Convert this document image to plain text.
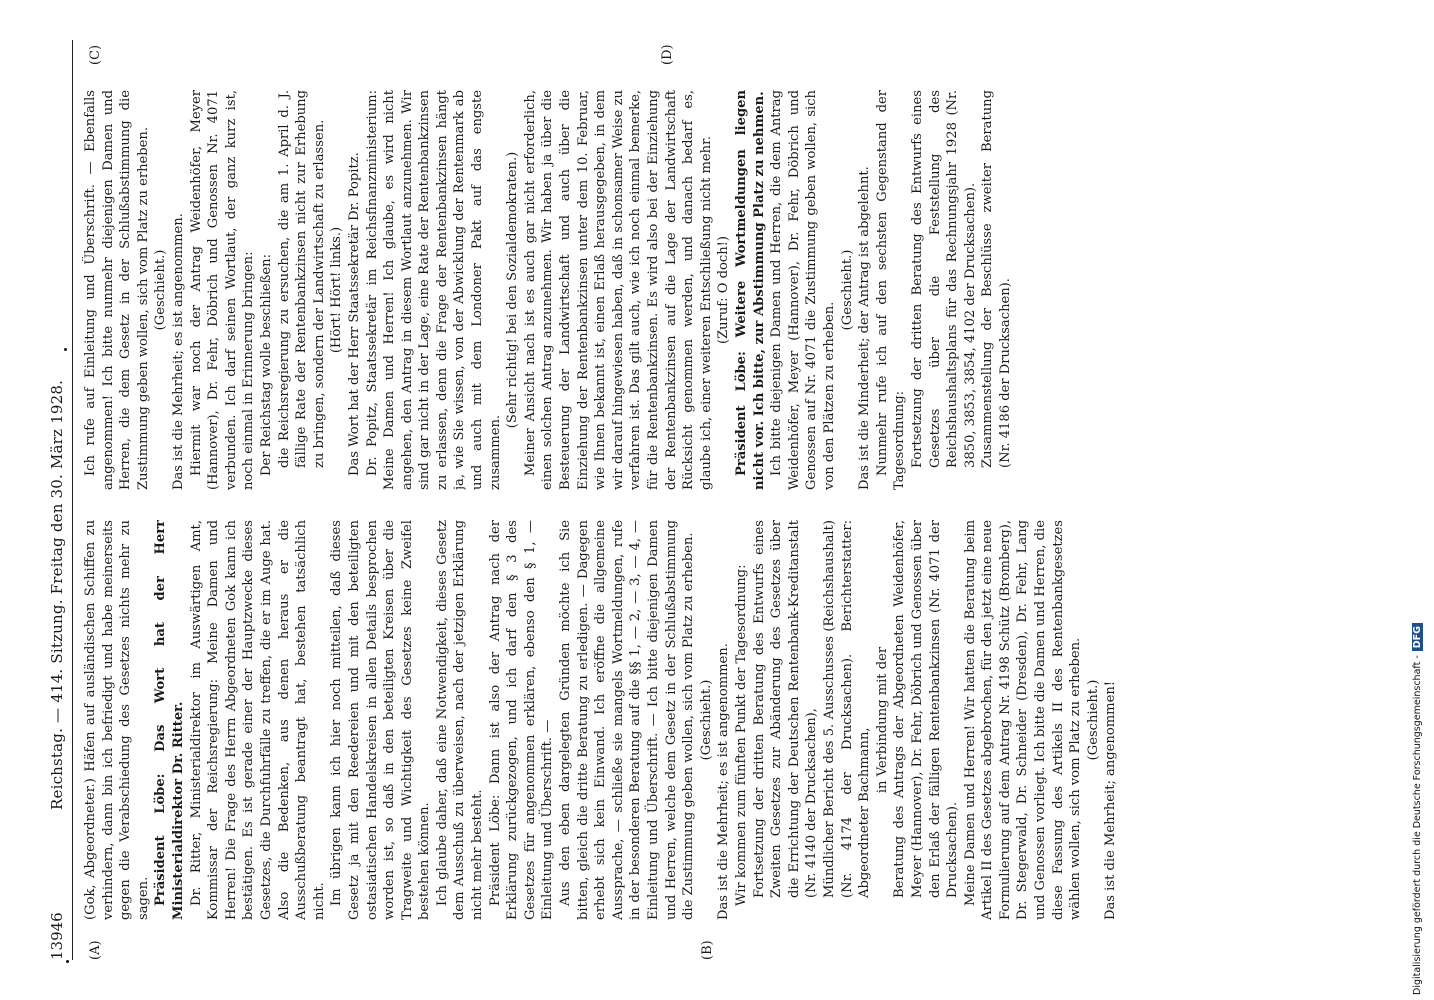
13946
Reichstag. — 414. Sitzung. Freitag den 30. März 1928.
(A)	(B)
(C)	(D)

(Gok, Abgeordneter.) Häfen auf ausländischen Schiffen zu verhindern, dann bin ich befriedigt und habe meinerseits gegen die Verabschiedung des Gesetzes nichts mehr zu sagen. Präsident Löbe: Das Wort hat der Herr Ministerialdirektor Dr. Ritter. Dr. Ritter, Ministerialdirektor im Auswärtigen Amt, Kommissar der Reichsregierung: Meine Damen und Herren! Die Frage des Herrn Abgeordneten Gok kann ich bestätigen. Es ist gerade einer der Hauptzwecke dieses Gesetzes, die Durchfuhrfälle zu treffen, die er im Auge hat. Also die Bedenken, aus denen heraus er die Ausschußberatung beantragt hat, bestehen tatsächlich nicht. Im übrigen kann ich hier noch mitteilen, daß dieses Gesetz ja mit den Reedereien und mit den beteiligten ostasiatischen Handelskreisen in allen Details besprochen worden ist, so daß in den beteiligten Kreisen über die Tragweite und Wichtigkeit des Gesetzes keine Zweifel bestehen können. Ich glaube daher, daß eine Notwendigkeit, dieses Gesetz dem Ausschuß zu überweisen, nach der jetzigen Erklärung nicht mehr besteht. Präsident Löbe: Dann ist also der Antrag nach der Erklärung zurückgezogen, und ich darf den § 3 des Gesetzes für angenommen erklären, ebenso den § 1, — Einleitung und Überschrift. — Aus den eben dargelegten Gründen möchte ich Sie bitten, gleich die dritte Beratung zu erledigen. — Dagegen erhebt sich kein Einwand. Ich eröffne die allgemeine Aussprache, — schließe sie mangels Wortmeldungen, rufe in der besonderen Beratung auf die §§ 1, — 2, — 3, — 4, — Einleitung und Überschrift. — Ich bitte diejenigen Damen und Herren, welche dem Gesetz in der Schlußabstimmung die Zustimmung geben wollen, sich vom Platz zu erheben. (Geschieht.) Das ist die Mehrheit; es ist angenommen. Wir kommen zum fünften Punkt der Tagesordnung: Fortsetzung der dritten Beratung des Entwurfs eines Zweiten Gesetzes zur Abänderung des Gesetzes über die Errichtung der Deutschen Rentenbank-Kreditanstalt (Nr. 4140 der Drucksachen), Mündlicher Bericht des 5. Ausschusses (Reichshaushalt) (Nr. 4174 der Drucksachen). Berichterstatter: Abgeordneter Bachmann,

in Verbindung mit der Beratung des Antrags der Abgeordneten Weidenhöfer, Meyer (Hannover), Dr. Fehr, Döbrich und Genossen über den Erlaß der fälligen Rentenbankzinsen (Nr. 4071 der Drucksachen). Meine Damen und Herren! Wir hatten die Beratung beim Artikel II des Gesetzes abgebrochen, für den jetzt eine neue Formulierung auf dem Antrag Nr. 4198 Schütz (Bromberg), Dr. Stegerwald, Dr. Schneider (Dresden), Dr. Fehr, Lang und Genossen vorliegt. Ich bitte die Damen und Herren, die diese Fassung des Artikels II des Rentenbankgesetzes wählen wollen, sich vom Platz zu erheben. (Geschieht.) Das ist die Mehrheit; angenommen!

Ich rufe auf Einleitung und Überschrift. — Ebenfalls angenommen! Ich bitte nunmehr diejenigen Damen und Herren, die dem Gesetz in der Schlußabstimmung die Zustimmung geben wollen, sich vom Platz zu erheben. (Geschieht.) Das ist die Mehrheit; es ist angenommen. Hiermit war noch der Antrag Weidenhöfer, Meyer (Hannover), Dr. Fehr, Döbrich und Genossen Nr. 4071 verbunden. Ich darf seinen Wortlaut, der ganz kurz ist, noch einmal in Erinnerung bringen: Der Reichstag wolle beschließen: die Reichsregierung zu ersuchen, die am 1. April d. J. fällige Rate der Rentenbankzinsen nicht zur Erhebung zu bringen, sondern der Landwirtschaft zu erlassen. (Hört! Hört! links.) Das Wort hat der Herr Staatssekretär Dr. Popitz. Dr. Popitz, Staatssekretär im Reichsfinanzministerium: Meine Damen und Herren! Ich glaube, es wird nicht angehen, den Antrag in diesem Wortlaut anzunehmen. Wir sind gar nicht in der Lage, eine Rate der Rentenbankzinsen zu erlassen, denn die Frage der Rentenbankzinsen hängt ja, wie Sie wissen, von der Abwicklung der Rentenmark ab und auch mit dem Londoner Pakt auf das engste zusammen.

(Sehr richtig! bei den Sozialdemokraten.) Meiner Ansicht nach ist es auch gar nicht erforderlich, einen solchen Antrag anzunehmen. Wir haben ja über die Besteuerung der Landwirtschaft und auch über die Einziehung der Rentenbankzinsen unter dem 10. Februar, wie Ihnen bekannt ist, einen Erlaß herausgegeben, in dem wir darauf hingewiesen haben, daß in schonsamer Weise zu verfahren ist. Das gilt auch, wie ich noch einmal bemerke, für die Rentenbankzinsen. Es wird also bei der Einziehung der Rentenbankzinsen auf die Lage der Landwirtschaft Rücksicht genommen werden, und danach bedarf es, glaube ich, einer weiteren Entschließung nicht mehr. (Zuruf: O doch!) Präsident Löbe: Weitere Wortmeldungen liegen nicht vor. Ich bitte, zur Abstimmung Platz zu nehmen. Ich bitte diejenigen Damen und Herren, die dem Antrag Weidenhöfer, Meyer (Hannover), Dr. Fehr, Döbrich und Genossen auf Nr. 4071 die Zustimmung geben wollen, sich von den Plätzen zu erheben.

(Geschieht.) Das ist die Minderheit; der Antrag ist abgelehnt. Nunmehr rufe ich auf den sechsten Gegenstand der Tagesordnung: Fortsetzung der dritten Beratung des Entwurfs eines Gesetzes über die Feststellung des Reichshaushaltsplans für das Rechnungsjahr 1928 (Nr. 3850, 3853, 3854, 4102 der Drucksachen). Zusammenstellung der Beschlüsse zweiter Beratung (Nr. 4186 der Drucksachen).

Digitalisierung gefördert durch die Deutsche Forschungsgemeinschaft -DFG
